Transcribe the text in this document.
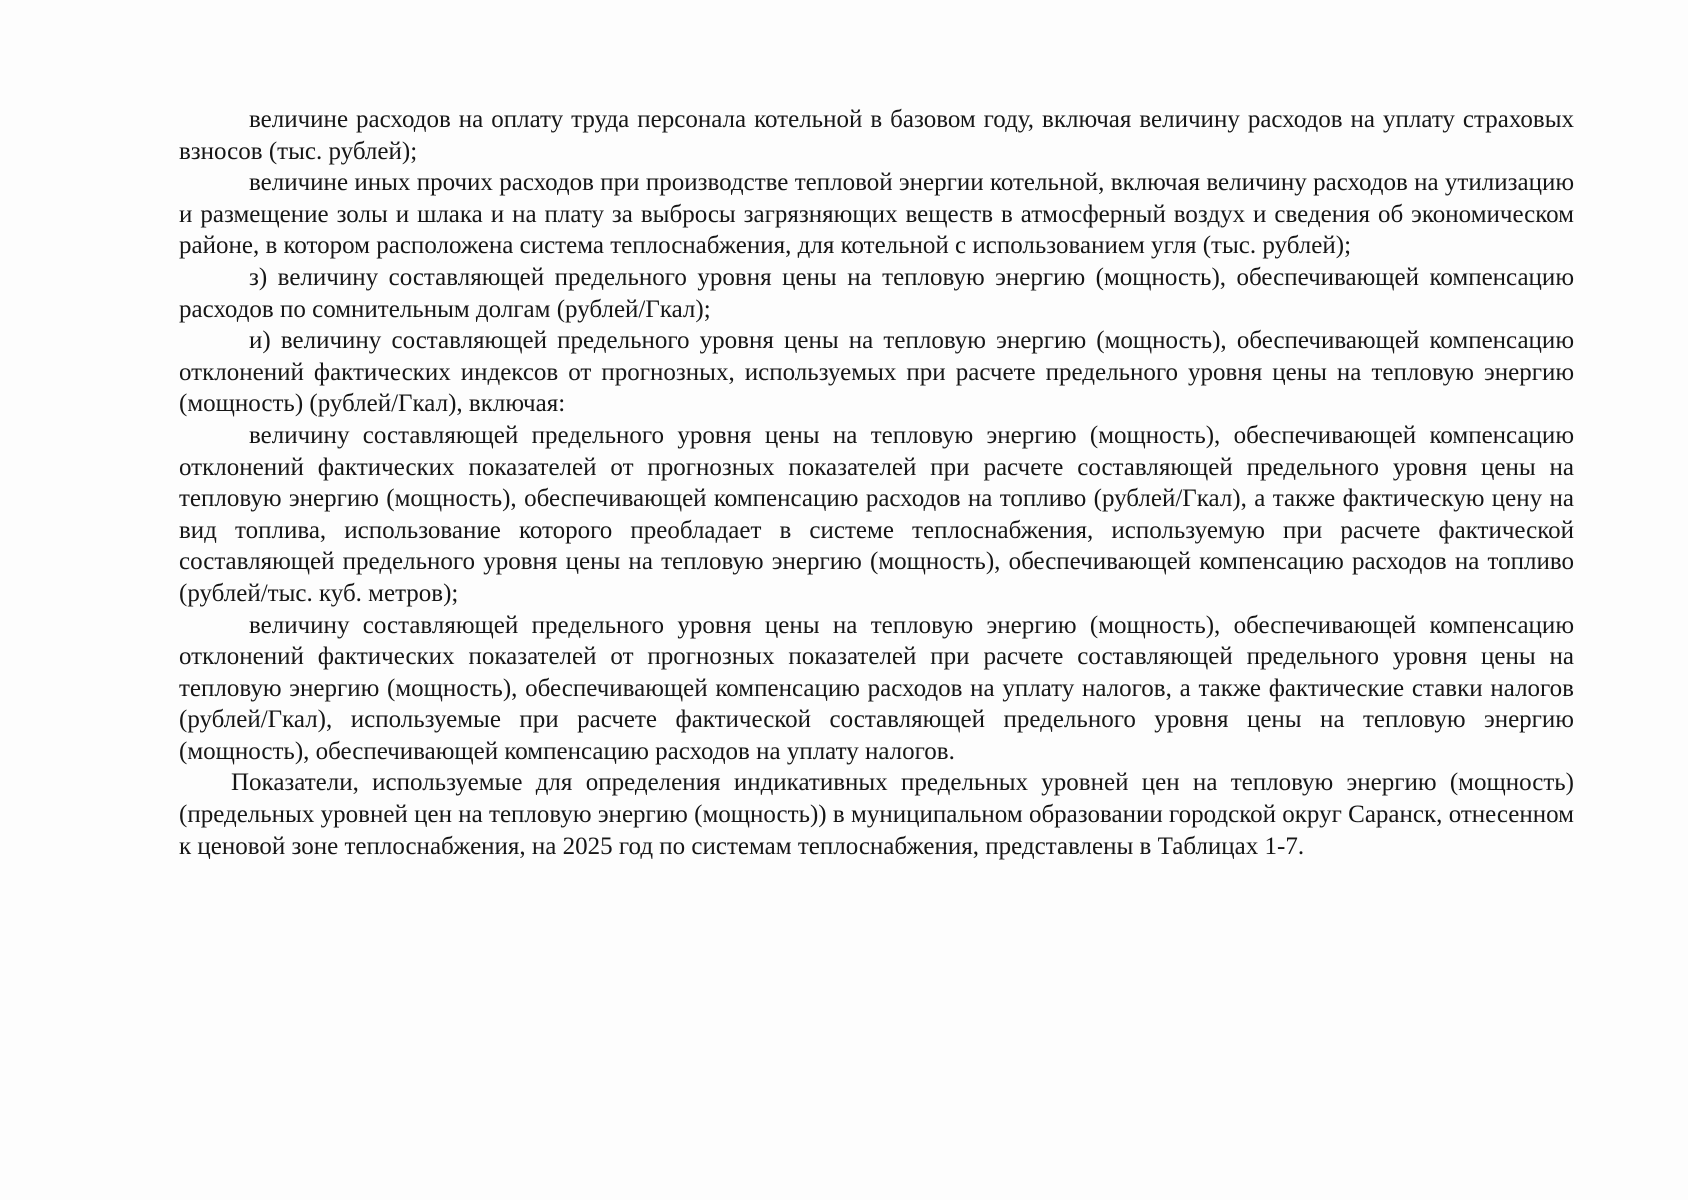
величине расходов на оплату труда персонала котельной в базовом году, включая величину расходов на уплату страховых взносов (тыс. рублей);

величине иных прочих расходов при производстве тепловой энергии котельной, включая величину расходов на утилизацию и размещение золы и шлака и на плату за выбросы загрязняющих веществ в атмосферный воздух и сведения об экономическом районе, в котором расположена система теплоснабжения, для котельной с использованием угля (тыс. рублей);

з) величину составляющей предельного уровня цены на тепловую энергию (мощность), обеспечивающей компенсацию расходов по сомнительным долгам (рублей/Гкал);

и) величину составляющей предельного уровня цены на тепловую энергию (мощность), обеспечивающей компенсацию отклонений фактических индексов от прогнозных, используемых при расчете предельного уровня цены на тепловую энергию (мощность) (рублей/Гкал), включая:

величину составляющей предельного уровня цены на тепловую энергию (мощность), обеспечивающей компенсацию отклонений фактических показателей от прогнозных показателей при расчете составляющей предельного уровня цены на тепловую энергию (мощность), обеспечивающей компенсацию расходов на топливо (рублей/Гкал), а также фактическую цену на вид топлива, использование которого преобладает в системе теплоснабжения, используемую при расчете фактической составляющей предельного уровня цены на тепловую энергию (мощность), обеспечивающей компенсацию расходов на топливо (рублей/тыс. куб. метров);

величину составляющей предельного уровня цены на тепловую энергию (мощность), обеспечивающей компенсацию отклонений фактических показателей от прогнозных показателей при расчете составляющей предельного уровня цены на тепловую энергию (мощность), обеспечивающей компенсацию расходов на уплату налогов, а также фактические ставки налогов (рублей/Гкал), используемые при расчете фактической составляющей предельного уровня цены на тепловую энергию (мощность), обеспечивающей компенсацию расходов на уплату налогов.

Показатели, используемые для определения индикативных предельных уровней цен на тепловую энергию (мощность) (предельных уровней цен на тепловую энергию (мощность)) в муниципальном образовании городской округ Саранск, отнесенном к ценовой зоне теплоснабжения, на 2025 год по системам теплоснабжения, представлены в Таблицах 1-7.
